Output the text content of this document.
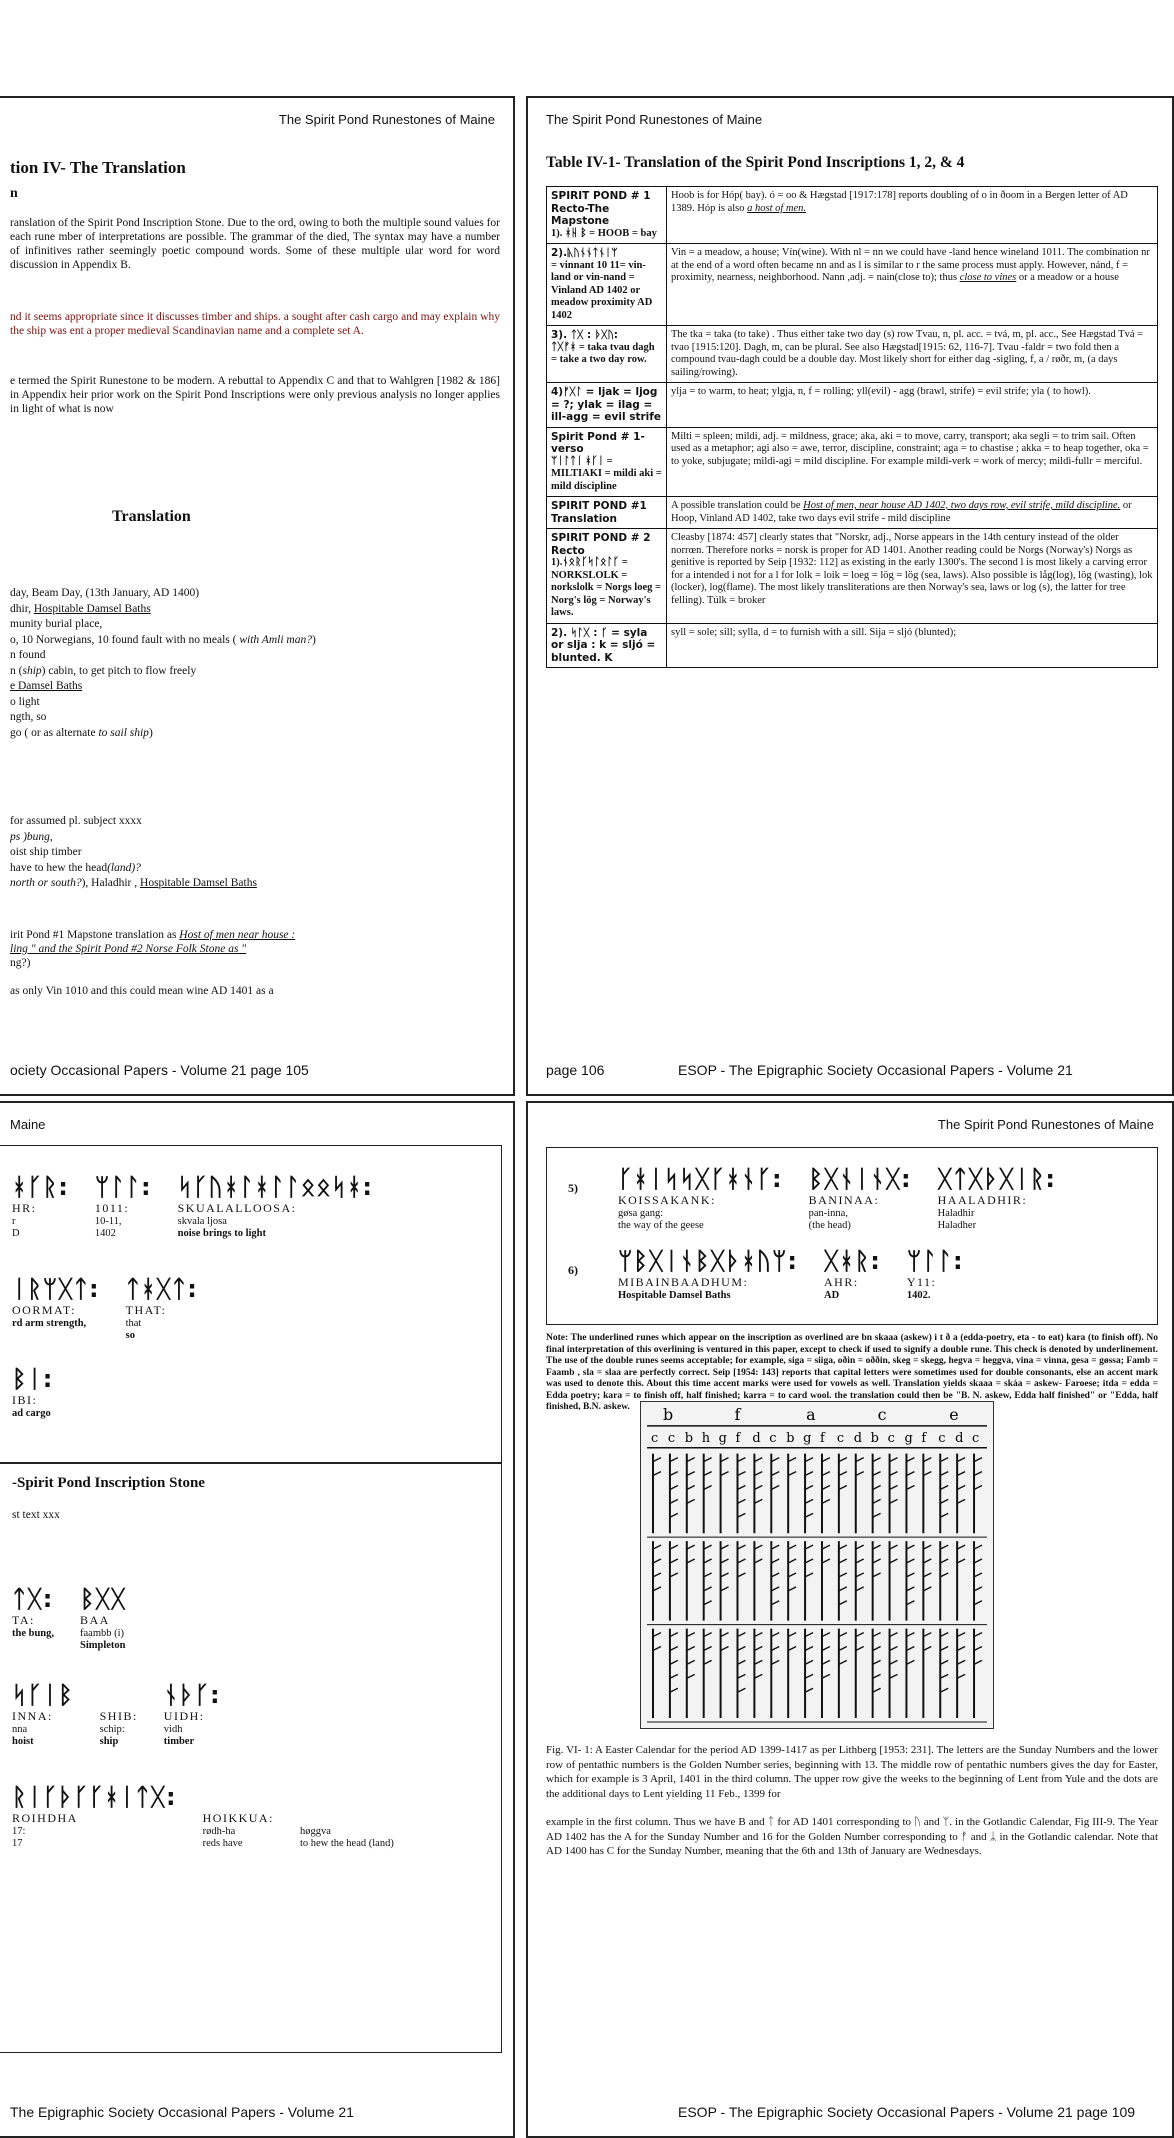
The Spirit Pond Runestones of Maine
tion IV- The Translation
n
ranslation of the Spirit Pond Inscription Stone. Due to the ord, owing to both the multiple sound values for each rune mber of interpretations are possible. The grammar of the died, The syntax may have a number of infinitives rather seemingly poetic compound words. Some of these multiple ular word for word discussion in Appendix B.
nd it seems appropriate since it discusses timber and ships. a sought after cash cargo and may explain why the ship was ent a proper medieval Scandinavian name and a complete set A.
e termed the Spirit Runestone to be modern. A rebuttal to Appendix C and that to Wahlgren [1982 & 186] in Appendix heir prior work on the Spirit Pond Inscriptions were only previous analysis no longer applies in light of what is now
Translation
day, Beam Day, (13th January, AD 1400)
dhir, Hospitable Damsel Baths
munity burial place,
o, 10 Norwegians, 10 found fault with no meals ( with Amli man?)
n found
n (ship) cabin, to get pitch to flow freely
e Damsel Baths
o light
ngth, so
go ( or as alternate to sail ship)
for assumed pl. subject xxxx
ps )bung,
oist ship timber
have to hew the head(land)?
north or south?), Haladhir , Hospitable Damsel Baths
irit Pond #1 Mapstone translation as Host of men near house :
ling " and the Spirit Pond #2 Norse Folk Stone as "
ng?)
as only Vin 1010 and this could mean wine AD 1401 as a
ociety Occasional Papers - Volume 21 page 105
The Spirit Pond Runestones of Maine
Table IV-1- Translation of the Spirit Pond Inscriptions 1, 2, & 4
SPIRIT POND # 1 Recto-The Mapstone
1). ᚼᚺ ᛒ = HOOB = bay	Hoob is for Hóp( bay). ó = oo & Hægstad [1917:178] reports doubling of o in ðoom in a Bergen letter of AD 1389. Hóp is also a host of men.

2).ᚣᚢᚾᚾᛏᚾᛁᛘ
= vinnant 10 11= vin-land or vin-nand = Vinland AD 1402 or meadow proximity AD 1402	Vin = a meadow, a house; Vín(wine). With nl = nn we could have -land hence wineland 1011. The combination nr at the end of a word often became nn and as l is similar to r the same process must apply. However, nánd, f = proximity, nearness, neighborhood. Nann ,adj. = nain(close to); thus close to vines or a meadow or a house

3). ᛏᚷ : ᚦᚷᚢ:
ᛏᚷᚠᚼ = taka tvau dagh = take a two day row.	The tka = taka (to take) . Thus either take two day (s) row Tvau, n, pl. acc. = tvá, m, pl. acc., See Hægstad Tvá = tvao [1915:120]. Dagh, m, can be plural. See also Hægstad[1915: 62, 116-7]. Tvau -faldr = two fold then a compound tvau-dagh could be a double day. Most likely short for either dag -sigling, f, a / røðr, m, (a days sailing/rowing).

4)ᚠᚷᛚ = ljak = ljog = ?; ylak = ilag = ill-agg = evil strife	ylja = to warm, to heat; ylgja, n, f = rolling; yll(evil) - agg (brawl, strife) = evil strife; yla ( to howl).

Spirit Pond # 1-verso
ᛘᛁᛚᛏᛁ ᚼᚴᛁ = MILTIAKI = mildi aki = mild discipline	Milti = spleen; mildi, adj. = mildness, grace; aka, aki = to move, carry, transport; aka segli = to trim sail. Often used as a metaphor; agi also = awe, terror, discipline, constraint; aga = to chastise ; akka = to heap together, oka = to yoke, subjugate; mildi-agi = mild discipline. For example mildi-verk = work of mercy; mildi-fullr = merciful.

SPIRIT POND #1 Translation	A possible translation could be Host of men, near house AD 1402, two days row, evil strife, mild discipline. or Hoop, Vinland AD 1402, take two days evil strife - mild discipline

SPIRIT POND # 2 Recto
1).ᚾᛟᚱᚴᛋᛚᛟᛚᚴ = NORKSLOLK = norkslolk = Norgs loeg = Norg's lög = Norway's laws.	Cleasby [1874: 457] clearly states that "Norskr, adj., Norse appears in the 14th century instead of the older norrœn. Therefore norks = norsk is proper for AD 1401. Another reading could be Norgs (Norway's) Norgs as genitive is reported by Seip [1932: 112] as existing in the early 1300's. The second l is most likely a carving error for a intended i not for a l for lolk = loik = loeg = lög = lög (sea, laws). Also possible is låg(log), lög (wasting), lok (locker), log(flame). The most likely transliterations are then Norway's sea, laws or log (s), the latter for tree felling). Túlk = broker

2). ᛋᛚᚷ : ᚴ = syla or slja : k = sljó = blunted. K	syll = sole; sill; sylla, d = to furnish with a sill. Sija = sljó (blunted);
page 106	ESOP - The Epigraphic Society Occasional Papers - Volume 21
Maine
ᚼᚴᚱ:
HR:
r
D
ᛘᛚᛚ:
1011:
10-11,
1402
ᛋᚴᚢᚼᛚᚼᛚᛚᛟᛟᛋᚼ:
SKUALALLOOSA:
skvala ljosa
noise brings to light
ᛁᚱᛘᚷᛏ:
OORMAT:
rd arm strength,
ᛏᚼᚷᛏ:
THAT:
that
so
ᛒᛁ:
IBI:
ad cargo
-Spirit Pond Inscription Stone
st text xxx
ᛏᚷ:
TA:
the bung,
ᛒᚷᚷ
BAA
faambb (i)
Simpleton
ᛋᚴᛁᛒ
INNA:
nna
hoist

SHIB:
schip:
ship
ᚾᚦᚴ:
UIDH:
vidh
timber
ᚱᛁᚴᚦᚴᚴᚼᛁᛏᚷ:
ROIHDHA
17:
17

HOIKKUA:
rødh-ha
reds have

høggva
to hew the head (land)
The Epigraphic Society Occasional Papers - Volume 21
The Spirit Pond Runestones of Maine
5) ᚴᚼᛁᛋᛋᚷᚴᚼᚾᚴ:
KOISSAKANK:
gøsa gang:
the way of the geese
ᛒᚷᚾᛁᚾᚷ:
BANINAA:
pan-inna,
(the head)
ᚷᛏᚷᚦᚷᛁᚱ:
HAALADHIR:
Haladhir
Haladher
6) ᛘᛒᚷᛁᚾᛒᚷᚦᚼᚢᛘ:
MIBAINBAADHUM:
Hospitable Damsel Baths
ᚷᚼᚱ:
AHR:
AD
ᛘᛚᛚ:
Y11:
1402.
Note: The underlined runes which appear on the inscription as overlined are bn skaaa (askew) i t ð a (edda-poetry, eta - to eat) kara (to finish off). No final interpretation of this overlining is ventured in this paper, except to check if used to signify a double rune. This check is denoted by underlinement. The use of the double runes seems acceptable; for example, siga = siiga, oðin = oððin, skeg = skegg, hegva = heggva, vina = vinna, gesa = gøssa; Famb = Faamb , sla = slaa are perfectly correct. Seip [1954: 143] reports that capital letters were sometimes used for double consonants, else an accent mark was used to denote this. About this time accent marks were used for vowels as well. Translation yields skaaa = skáa = askew- Faroese; itda = edda = Edda poetry; kara = to finish off, half finished; karra = to card wool. the translation could then be "B. N. askew, Edda half finished" or "Edda, half finished, B.N. askew.	b	f	a	c	e
c c b h g f d c b g f c d b c g f c d c
Fig. VI- 1: A Easter Calendar for the period AD 1399-1417 as per Lithberg [1953: 231]. The letters are the Sunday Numbers and the lower row of pentathic numbers is the Golden Number series, beginning with 13. The middle row of pentathic numbers gives the day for Easter, which for example is 3 April, 1401 in the third column. The upper row give the weeks to the beginning of Lent from Yule and the dots are the additional days to Lent yielding 11 Feb., 1399 for
example in the first column. Thus we have B and ᛏ for AD 1401 corresponding to ᚢ and ᛘ. in the Gotlandic Calendar, Fig III-9. The Year AD 1402 has the A for the Sunday Number and 16 for the Golden Number corresponding to ᚠ and ᛦ in the Gotlandic calendar. Note that AD 1400 has C for the Sunday Number, meaning that the 6th and 13th of January are Wednesdays.
ESOP - The Epigraphic Society Occasional Papers - Volume 21 page 109
